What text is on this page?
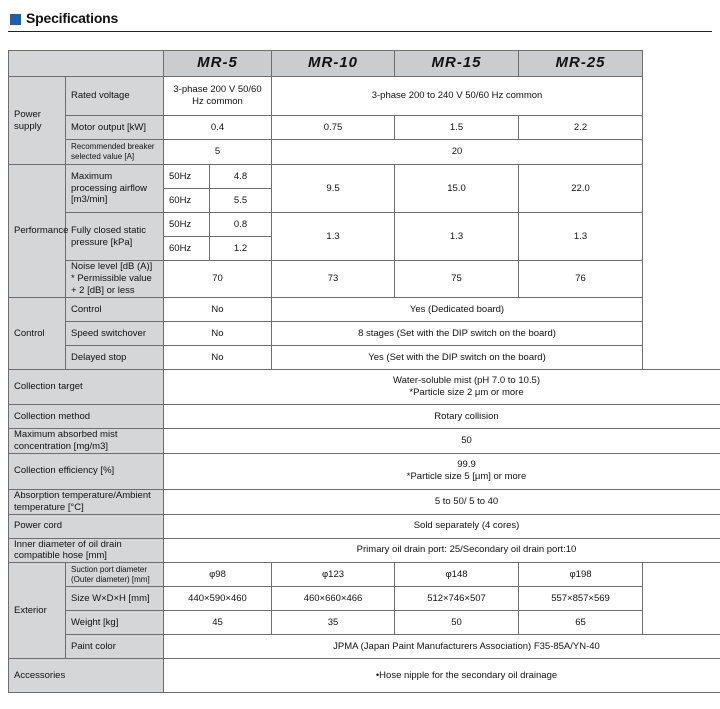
Specifications
		MR-5		MR-10	MR-15	MR-25
Power supply	Rated voltage	3-phase 200 V 50/60 Hz common		3-phase 200 to 240 V 50/60 Hz common		
	Motor output [kW]	0.4		0.75	1.5	2.2
	Recommended breaker selected value [A]	5		20		
Performance	Maximum processing airflow [m3/min]	50Hz	4.8	9.5	15.0	22.0
		60Hz	5.5			
	Fully closed static pressure [kPa]	50Hz	0.8	1.3	1.3	1.3
		60Hz	1.2			

	Noise level [dB (A)]
* Permissible value + 2 [dB] or less	70		73	75	76
Control	Control	No		Yes (Dedicated board)		
	Speed switchover	No		8 stages (Set with the DIP switch on the board)		
	Delayed stop	No		Yes (Set with the DIP switch on the board)		
Collection target		Water-soluble mist (pH 7.0 to 10.5)
*Particle size 2 μm or more				

Collection method		Rotary collision				
Maximum absorbed mist concentration [mg/m3]		50				
Collection efficiency [%]		99.9
*Particle size 5 [μm] or more				

Absorption temperature/Ambient temperature [°C]		5 to 50/ 5 to 40				
Power cord		Sold separately (4 cores)				
Inner diameter of oil drain compatible hose [mm]		Primary oil drain port: 25/Secondary oil drain port:10				
Exterior	Suction port diameter (Outer diameter) [mm]	φ98		φ123	φ148	φ198
	Size W×D×H [mm]	440×590×460		460×660×466	512×746×507	557×857×569
	Weight [kg]	45		35	50	65
	Paint color	JPMA (Japan Paint Manufacturers Association) F35-85A/YN-40				
Accessories		•Hose nipple for the secondary oil drainage				
